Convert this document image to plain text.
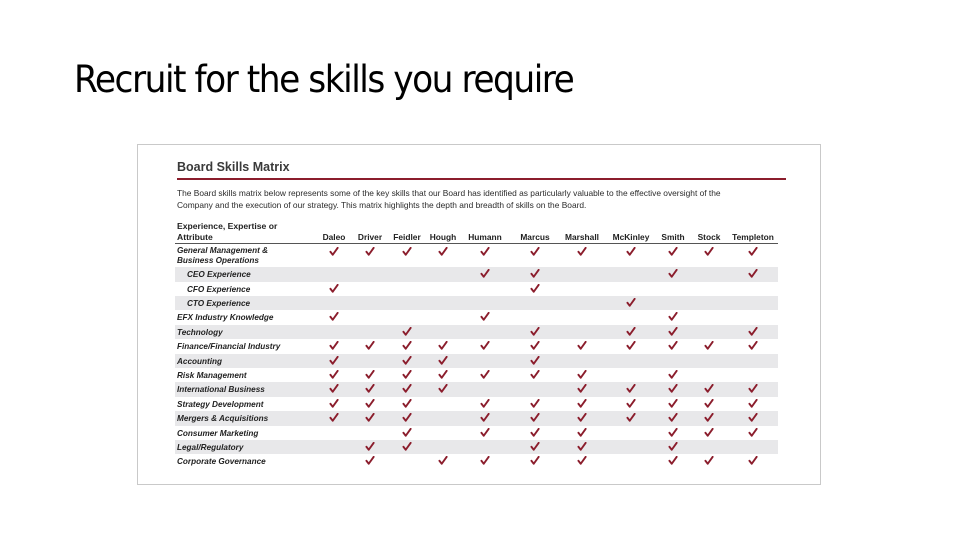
Recruit for the skills you require
Board Skills Matrix
The Board skills matrix below represents some of the key skills that our Board has identified as particularly valuable to the effective oversight of the
Company and the execution of our strategy. This matrix highlights the depth and breadth of skills on the Board.
Experience, Expertise or
Attribute	Daleo Driver Feidler Hough Humann Marcus Marshall McKinley Smith Stock Templeton
General Management &
Business Operations
CEO Experience
CFO Experience
CTO Experience
EFX Industry Knowledge
Technology
Finance/Financial Industry
Accounting
Risk Management
International Business
Strategy Development
Mergers & Acquisitions
Consumer Marketing
Legal/Regulatory
Corporate Governance
